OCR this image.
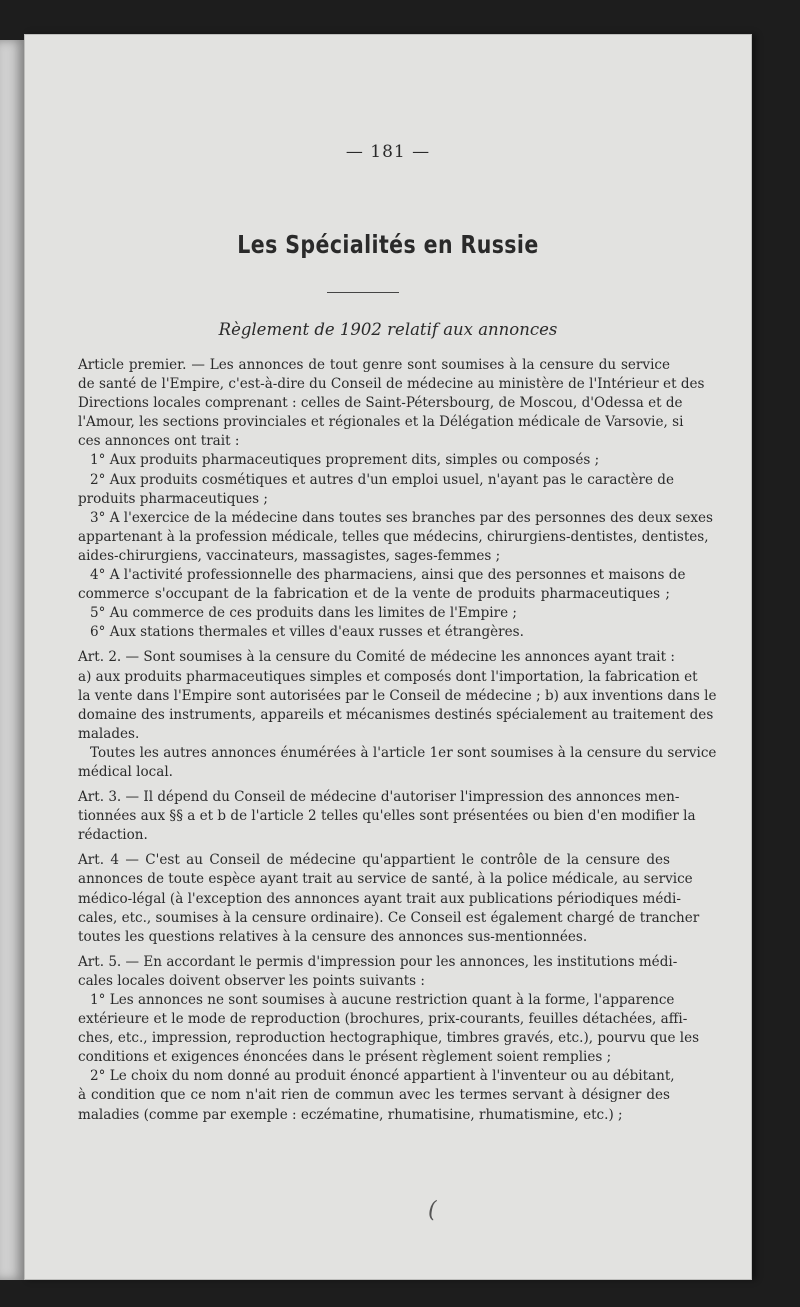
— 181 —
Les Spécialités en Russie
Règlement de 1902 relatif aux annonces
Article premier. — Les annonces de tout genre sont soumises à la censure du service
de santé de l'Empire, c'est-à-dire du Conseil de médecine au ministère de l'Intérieur et des
Directions locales comprenant : celles de Saint-Pétersbourg, de Moscou, d'Odessa et de
l'Amour, les sections provinciales et régionales et la Délégation médicale de Varsovie, si
ces annonces ont trait :
1° Aux produits pharmaceutiques proprement dits, simples ou composés ;
2° Aux produits cosmétiques et autres d'un emploi usuel, n'ayant pas le caractère de
produits pharmaceutiques ;
3° A l'exercice de la médecine dans toutes ses branches par des personnes des deux sexes
appartenant à la profession médicale, telles que médecins, chirurgiens-dentistes, dentistes,
aides-chirurgiens, vaccinateurs, massagistes, sages-femmes ;
4° A l'activité professionnelle des pharmaciens, ainsi que des personnes et maisons de
commerce s'occupant de la fabrication et de la vente de produits pharmaceutiques ;
5° Au commerce de ces produits dans les limites de l'Empire ;
6° Aux stations thermales et villes d'eaux russes et étrangères.
Art. 2. — Sont soumises à la censure du Comité de médecine les annonces ayant trait :
a) aux produits pharmaceutiques simples et composés dont l'importation, la fabrication et
la vente dans l'Empire sont autorisées par le Conseil de médecine ; b) aux inventions dans le
domaine des instruments, appareils et mécanismes destinés spécialement au traitement des
malades.
Toutes les autres annonces énumérées à l'article 1er sont soumises à la censure du service
médical local.
Art. 3. — Il dépend du Conseil de médecine d'autoriser l'impression des annonces men-
tionnées aux §§ a et b de l'article 2 telles qu'elles sont présentées ou bien d'en modifier la
rédaction.
Art. 4 — C'est au Conseil de médecine qu'appartient le contrôle de la censure des
annonces de toute espèce ayant trait au service de santé, à la police médicale, au service
médico-légal (à l'exception des annonces ayant trait aux publications périodiques médi-
cales, etc., soumises à la censure ordinaire). Ce Conseil est également chargé de trancher
toutes les questions relatives à la censure des annonces sus-mentionnées.
Art. 5. — En accordant le permis d'impression pour les annonces, les institutions médi-
cales locales doivent observer les points suivants :
1° Les annonces ne sont soumises à aucune restriction quant à la forme, l'apparence
extérieure et le mode de reproduction (brochures, prix-courants, feuilles détachées, affi-
ches, etc., impression, reproduction hectographique, timbres gravés, etc.), pourvu que les
conditions et exigences énoncées dans le présent règlement soient remplies ;
2° Le choix du nom donné au produit énoncé appartient à l'inventeur ou au débitant,
à condition que ce nom n'ait rien de commun avec les termes servant à désigner des
maladies (comme par exemple : eczématine, rhumatisine, rhumatismine, etc.) ;
(
